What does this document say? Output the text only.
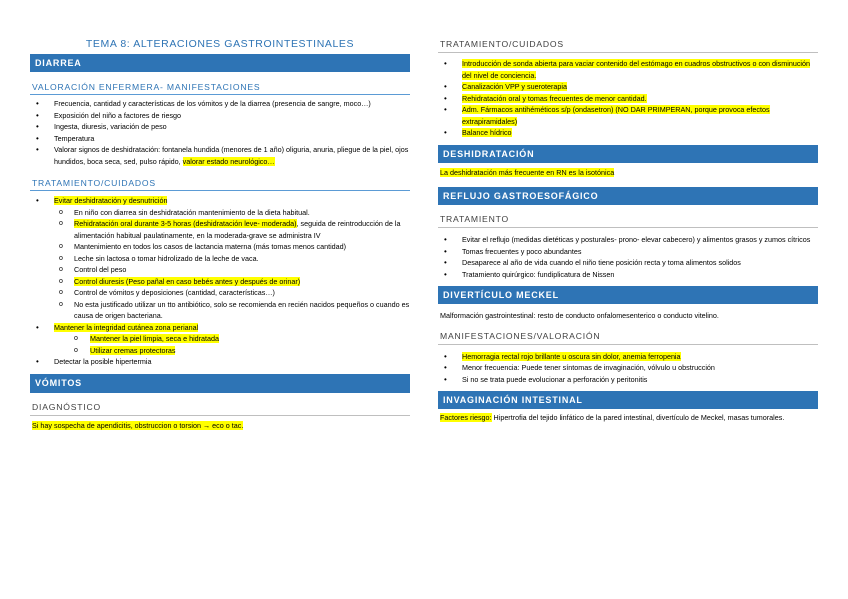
TEMA 8: ALTERACIONES GASTROINTESTINALES
DIARREA
VALORACIÓN ENFERMERA- MANIFESTACIONES
• Frecuencia, cantidad y características de los vómitos y de la diarrea (presencia de sangre, moco…)
• Exposición del niño a factores de riesgo
• Ingesta, diuresis, variación de peso
• Temperatura
• Valorar signos de deshidratación: fontanela hundida (menores de 1 año) oliguria, anuria, pliegue de la piel, ojos hundidos, boca seca, sed, pulso rápido, valorar estado neurológico…
TRATAMIENTO/CUIDADOS
• Evitar deshidratación y desnutrición
o En niño con diarrea sin deshidratación mantenimiento de la dieta habitual.
o Rehidratación oral durante 3-5 horas (deshidratación leve- moderada), seguida de reintroducción de la alimentación habitual paulatinamente, en la moderada-grave se administra IV
o Mantenimiento en todos los casos de lactancia materna (más tomas menos cantidad)
o Leche sin lactosa o tomar hidrolizado de la leche de vaca.
o Control del peso
o Control diuresis (Peso pañal en caso bebés antes y después de orinar)
o Control de vómitos y deposiciones (cantidad, características…)
o No esta justificado utilizar un tto antibiótico, solo se recomienda en recién nacidos pequeños o cuando es causa de origen bacteriana.
• Mantener la integridad cutánea zona perianal
o Mantener la piel limpia, seca e hidratada
o Utilizar cremas protectoras
• Detectar la posible hipertermia
VÓMITOS
DIAGNÓSTICO

Si hay sospecha de apendicitis, obstruccion o torsion → eco o tac.

TRATAMIENTO/CUIDADOS
• Introducción de sonda abierta para vaciar contenido del estómago en cuadros obstructivos o con disminución del nivel de conciencia.
• Canalización VPP y sueroterapia
• Rehidratación oral y tomas frecuentes de menor cantidad.
• Adm. Fármacos antihéméticos s/p (ondasetron) (NO DAR PRIMPERAN, porque provoca efectos extrapiramidales)
• Balance hídrico
DESHIDRATACIÓN

La deshidratación más frecuente en RN es la isotónica

REFLUJO GASTROESOFÁGICO
TRATAMIENTO
• Evitar el reflujo (medidas dietéticas y posturales- prono- elevar cabecero) y alimentos grasos y zumos cítricos
• Tomas frecuentes y poco abundantes
• Desaparece al año de vida cuando el niño tiene posición recta y toma alimentos solidos
• Tratamiento quirúrgico: fundiplicatura de Nissen
DIVERTÍCULO MECKEL

Malformación gastrointestinal: resto de conducto onfalomesenterico o conducto vitelino.

MANIFESTACIONES/VALORACIÓN
• Hemorragia rectal rojo brillante u oscura sin dolor, anemia ferropenia
• Menor frecuencia: Puede tener síntomas de invaginación, vólvulo u obstrucción
• Si no se trata puede evolucionar a perforación y peritonitis
INVAGINACIÓN INTESTINAL

Factores riesgo: Hipertrofia del tejido linfático de la pared intestinal, divertículo de Meckel, masas tumorales.
